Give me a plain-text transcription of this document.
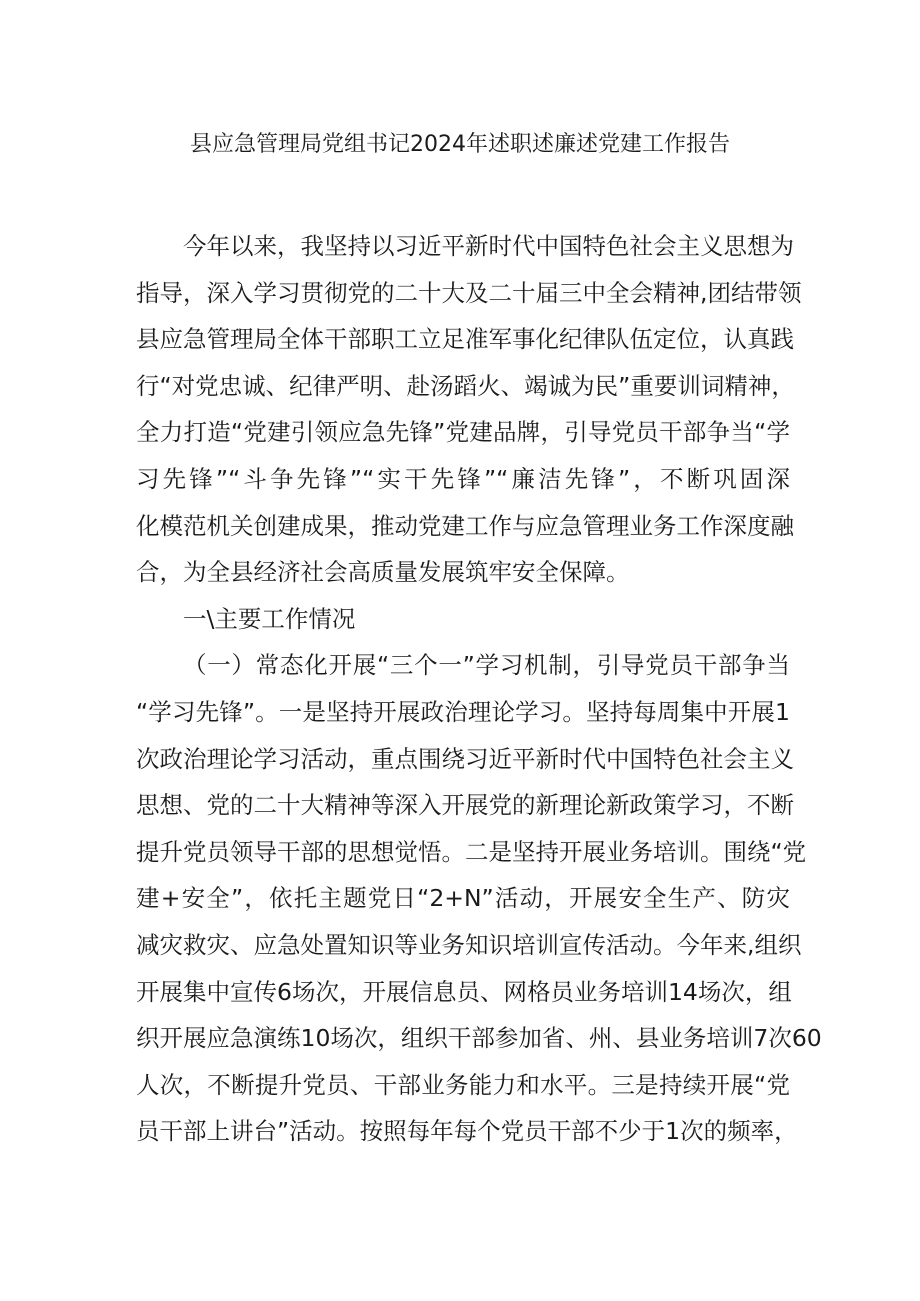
县应急管理局党组书记2024年述职述廉述党建工作报告
今年以来，我坚持以习近平新时代中国特色社会主义思想为
指导，深入学习贯彻党的二十大及二十届三中全会精神,团结带领
县应急管理局全体干部职工立足准军事化纪律队伍定位，认真践
行“对党忠诚、纪律严明、赴汤蹈火、竭诚为民”重要训词精神，
全力打造“党建引领应急先锋”党建品牌，引导党员干部争当“学
习先锋”“斗争先锋”“实干先锋”“廉洁先锋”，不断巩固深
化模范机关创建成果，推动党建工作与应急管理业务工作深度融
合，为全县经济社会高质量发展筑牢安全保障。
一\主要工作情况
（一）常态化开展“三个一”学习机制，引导党员干部争当
“学习先锋”。一是坚持开展政治理论学习。坚持每周集中开展1
次政治理论学习活动，重点围绕习近平新时代中国特色社会主义
思想、党的二十大精神等深入开展党的新理论新政策学习，不断
提升党员领导干部的思想觉悟。二是坚持开展业务培训。围绕“党
建+安全”，依托主题党日“2+N”活动，开展安全生产、防灾
减灾救灾、应急处置知识等业务知识培训宣传活动。今年来,组织
开展集中宣传6场次，开展信息员、网格员业务培训14场次，组
织开展应急演练10场次，组织干部参加省、州、县业务培训7次60
人次，不断提升党员、干部业务能力和水平。三是持续开展“党
员干部上讲台”活动。按照每年每个党员干部不少于1次的频率，
